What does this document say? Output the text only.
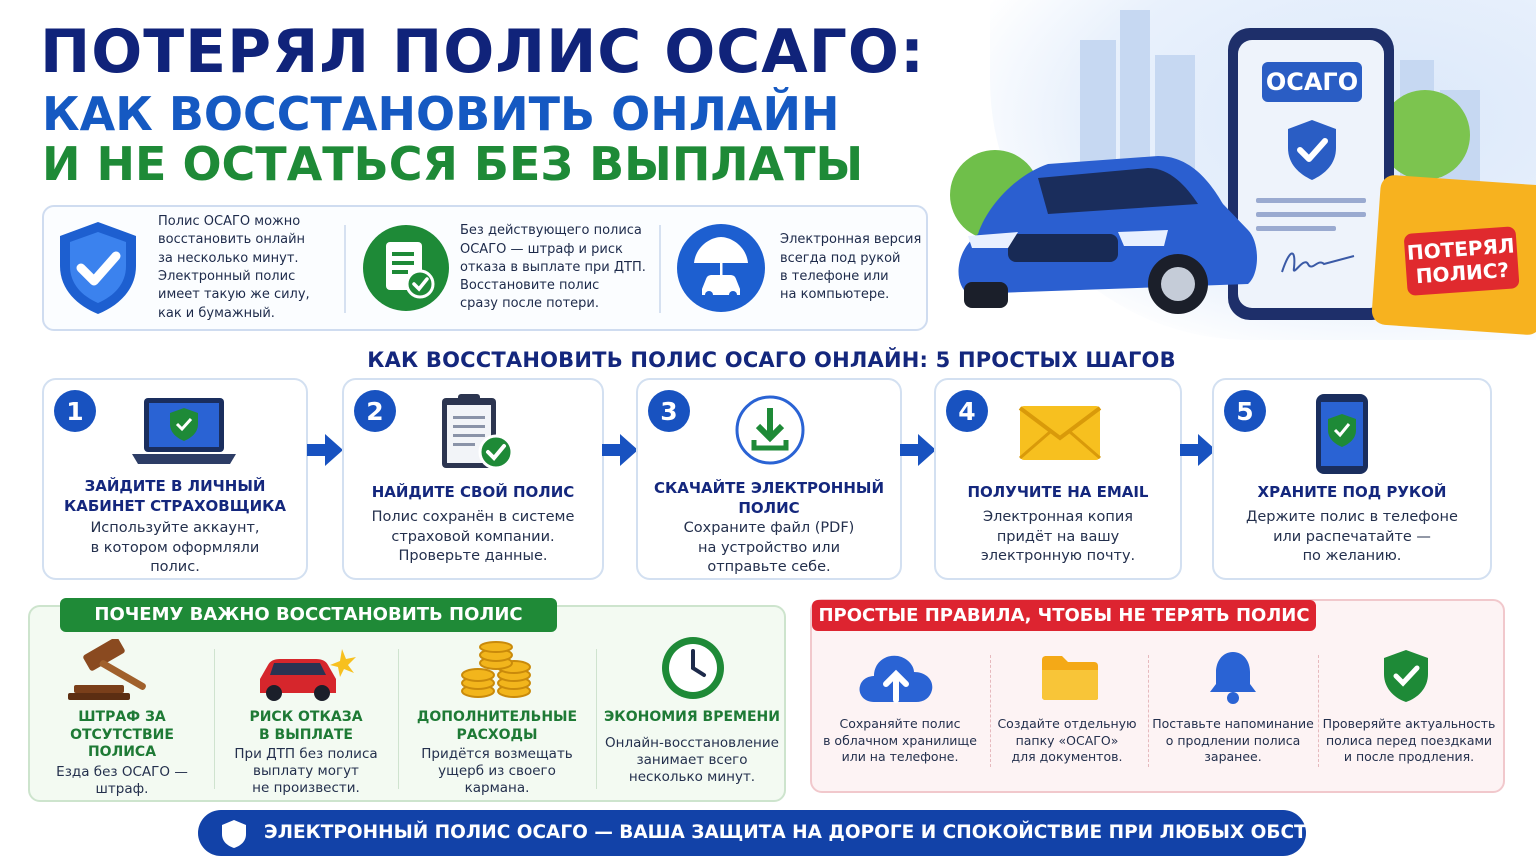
ПОТЕРЯЛ ПОЛИС ОСАГО:
КАК ВОССТАНОВИТЬ ОНЛАЙН
И НЕ ОСТАТЬСЯ БЕЗ ВЫПЛАТЫ
ОСАГО
ПОТЕРЯЛ
ПОЛИС?
Полис ОСАГО можно
восстановить онлайн
за несколько минут.
Электронный полис
имеет такую же силу,
как и бумажный.
Без действующего полиса
ОСАГО — штраф и риск
отказа в выплате при ДТП.
Восстановите полис
сразу после потери.
Электронная версия
всегда под рукой
в телефоне или
на компьютере.
КАК ВОССТАНОВИТЬ ПОЛИС ОСАГО ОНЛАЙН: 5 ПРОСТЫХ ШАГОВ
1
ЗАЙДИТЕ В ЛИЧНЫЙ
КАБИНЕТ СТРАХОВЩИКА
Используйте аккаунт,
в котором оформляли
полис.
2
НАЙДИТЕ СВОЙ ПОЛИС
Полис сохранён в системе
страховой компании.
Проверьте данные.
3
СКАЧАЙТЕ ЭЛЕКТРОННЫЙ
ПОЛИС
Сохраните файл (PDF)
на устройство или
отправьте себе.
4
ПОЛУЧИТЕ НА EMAIL
Электронная копия
придёт на вашу
электронную почту.
5
ХРАНИТЕ ПОД РУКОЙ
Держите полис в телефоне
или распечатайте —
по желанию.
ШТРАФ ЗА ОТСУТСТВИЕ
ПОЛИСА
Езда без ОСАГО —
штраф.
РИСК ОТКАЗА
В ВЫПЛАТЕ
При ДТП без полиса
выплату могут
не произвести.
ДОПОЛНИТЕЛЬНЫЕ
РАСХОДЫ
Придётся возмещать
ущерб из своего
кармана.
ЭКОНОМИЯ ВРЕМЕНИ
Онлайн-восстановление
занимает всего
несколько минут.
ПОЧЕМУ ВАЖНО ВОССТАНОВИТЬ ПОЛИС	ПРОСТЫЕ ПРАВИЛА, ЧТОБЫ НЕ ТЕРЯТЬ ПОЛИС
Сохраняйте полис
в облачном хранилище
или на телефоне.
Создайте отдельную
папку «ОСАГО»
для документов.
Поставьте напоминание
о продлении полиса
заранее.
Проверяйте актуальность
полиса перед поездками
и после продления.
ЭЛЕКТРОННЫЙ ПОЛИС ОСАГО — ВАША ЗАЩИТА НА ДОРОГЕ И СПОКОЙСТВИЕ ПРИ ЛЮБЫХ ОБСТОЯТЕЛЬСТВАХ!
